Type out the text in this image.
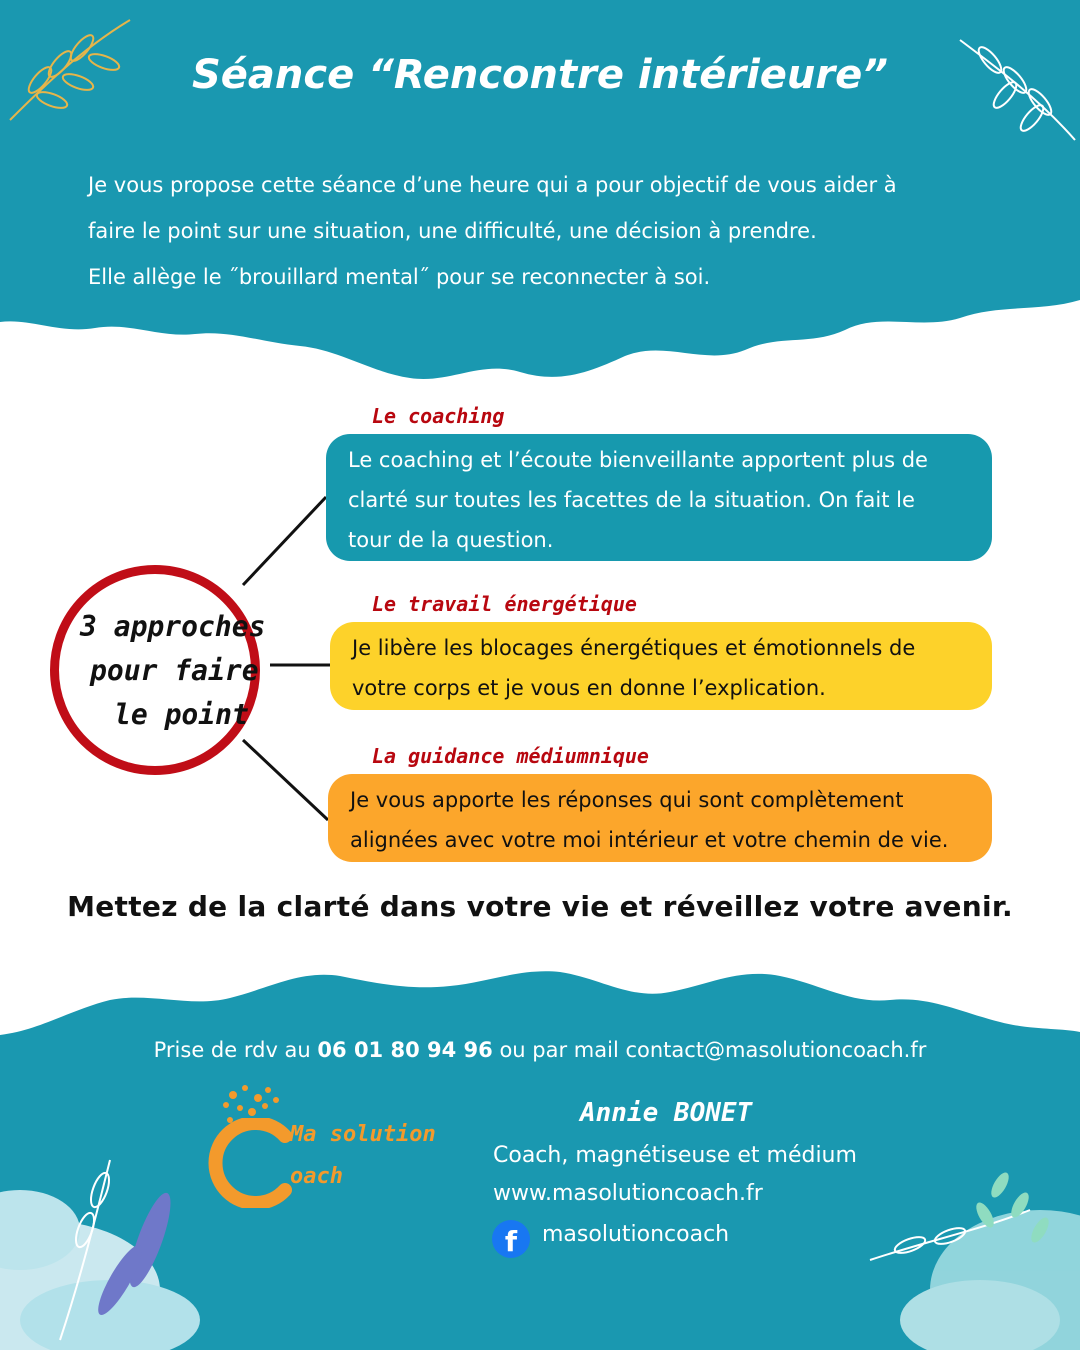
Séance “Rencontre intérieure”
Je vous propose cette séance d’une heure qui a pour objectif de vous aider à
faire le point sur une situation, une difficulté, une décision à prendre.
Elle allège le ˝brouillard mental˝ pour se reconnecter à soi.
3 approches
pour faire
le point
Le coaching
Le coaching et l’écoute bienveillante apportent plus de
clarté sur toutes les facettes de la situation. On fait le
tour de la question.
Le travail énergétique
Je libère les blocages énergétiques et émotionnels de
votre corps et je vous en donne l’explication.
La guidance médiumnique
Je vous apporte les réponses qui sont complètement
alignées avec votre moi intérieur et votre chemin de vie.
Mettez de la clarté dans votre vie et réveillez votre avenir.
Prise de rdv au 06 01 80 94 96 ou par mail contact@masolutioncoach.fr
Ma solution
oach
Annie BONET
Coach, magnétiseuse et médium
www.masolutioncoach.fr
f	masolutioncoach
